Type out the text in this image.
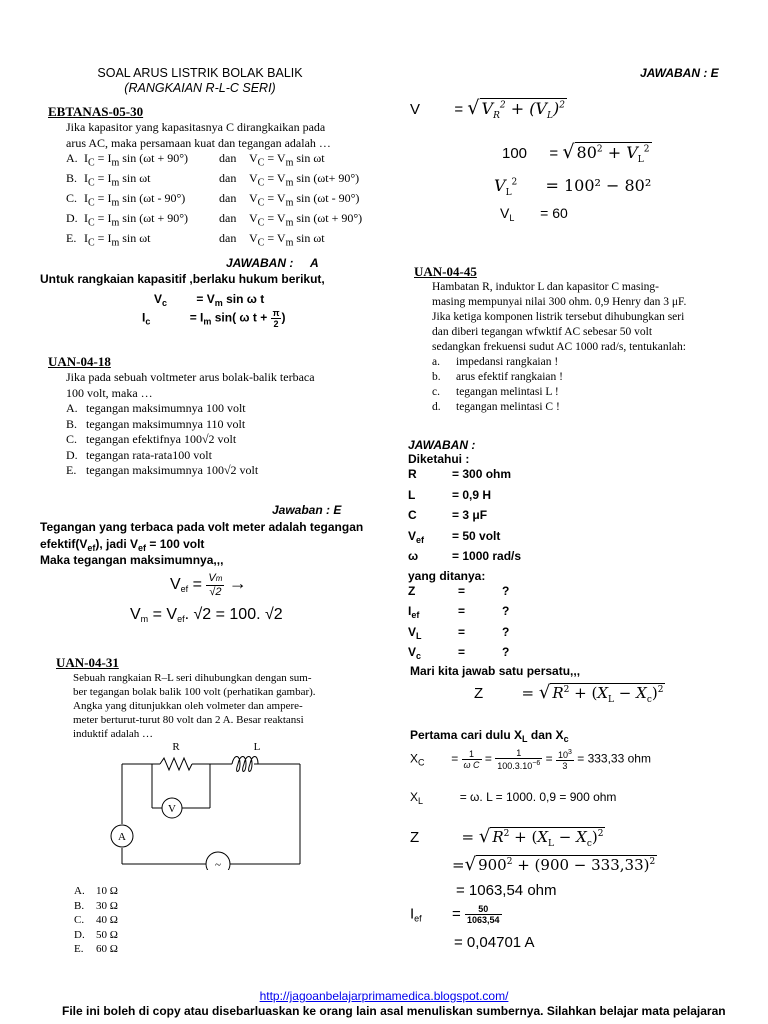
SOAL ARUS LISTRIK BOLAK BALIK
(RANGKAIAN R-L-C SERI)
EBTANAS-05-30
Jika kapasitor yang kapasitasnya C dirangkaikan pada
arus AC, maka persamaan kuat dan tegangan adalah …
A. $I_C = I_m$ sin (ωt + 90°)	dan $V_C = V_m$ sin ωt
B. $I_C = I_m$ sin ωt	dan $V_C = V_m$ sin (ωt+ 90°)
C. $I_C = I_m$ sin (ωt - 90°)	dan $V_C = V_m$ sin (ωt - 90°)
D. $I_C = I_m$ sin (ωt + 90°)	dan $V_C = V_m$ sin (ωt + 90°)
E. $I_C = I_m$ sin ωt	dan $V_C = V_m$ sin ωt
JAWABAN : A
Untuk rangkaian kapasitif ,berlaku hukum berikut,
$V_c = V_m$ sin ω t
$I_c$	= $I_m$ sin( ω $t + \frac{\pi}{2}$ )
UAN-04-18
Jika pada sebuah voltmeter arus bolak-balik terbaca
100 volt, maka …
A. tegangan maksimumnya 100 volt
B. tegangan maksimumnya 110 volt
C. tegangan efektifnya 100√2 volt
D. tegangan rata-rata100 volt
E. tegangan maksimumnya 100√2 volt
Jawaban : E
Tegangan yang terbaca pada volt meter adalah tegangan
$efektif(V_{ef})$, jadi $V_{ef} = 100$ volt
Maka tegangan maksimumnya,,,
$V_{ef} = \frac{Vm}{√2}$ →
$V_m = V_{ef}$. √2 = 100. √2
UAN-04-31
Sebuah rangkaian R–L seri dihubungkan dengan sum-
ber tegangan bolak balik 100 volt (perhatikan gambar).
Angka yang ditunjukkan oleh volmeter dan ampere-
meter berturut-turut 80 volt dan 2 A. Besar reaktansi
induktif adalah …
R	L
V
A
~
A. 10 Ω
B. 30 Ω
C. 40 Ω
D. 50 Ω
E. 60 Ω
JAWABAN : E
V = √ $V_R^2 + (V_L)^2$
100 = √ $80^2 + V_L^2$
$V_L^2 = 100^2 - 80^2$
$V_L = 60$
UAN-04-45
Hambatan R, induktor L dan kapasitor C masing-
masing mempunyai nilai 300 ohm. 0,9 Henry dan 3 μF.
Jika ketiga komponen listrik tersebut dihubungkan seri
dan diberi tegangan wfwktif AC sebesar 50 volt
sedangkan frekuensi sudut AC 1000 rad/s, tentukanlah:
a. impedansi rangkaian !
b. arus efektif rangkaian !
c. tegangan melintasi L !
d. tegangan melintasi C !
JAWABAN :
Diketahui :
R	= 300 ohm
L	= 0,9 H
C	= 3 μF
$V_{ef} = 50$ volt
ω	= 1000 rad/s
yang ditanya:
Z	=	?
$I_{ef}$	=	?
$V_L$	=	?
$V_c$	=	?
Mari kita jawab satu persatu,,,
Z	= √ $R^2 + (X_L - X_c)^2$
Pertama cari dulu $X_L$ dan $X_c$
$X_C = \frac{1}{\text{ω C}} = \frac{1}{100.3.10^{-6}} = \frac{10^3}{3} = 333,33$ ohm
$X_L$	= ω. L = 1000. 0,9 = 900 ohm
Z	= √ $R^2 + (X_L - X_c)^2$
=√ $900^2 + (900 - 333,33)^2$
= 1063,54 ohm
$I_{ef} = \frac{50}{1063,54}$
= 0,04701 A
http://jagoanbelajarprimamedica.blogspot.com/
File ini boleh di copy atau disebarluaskan ke orang lain asal menuliskan sumbernya. Silahkan belajar mata pelajaran
